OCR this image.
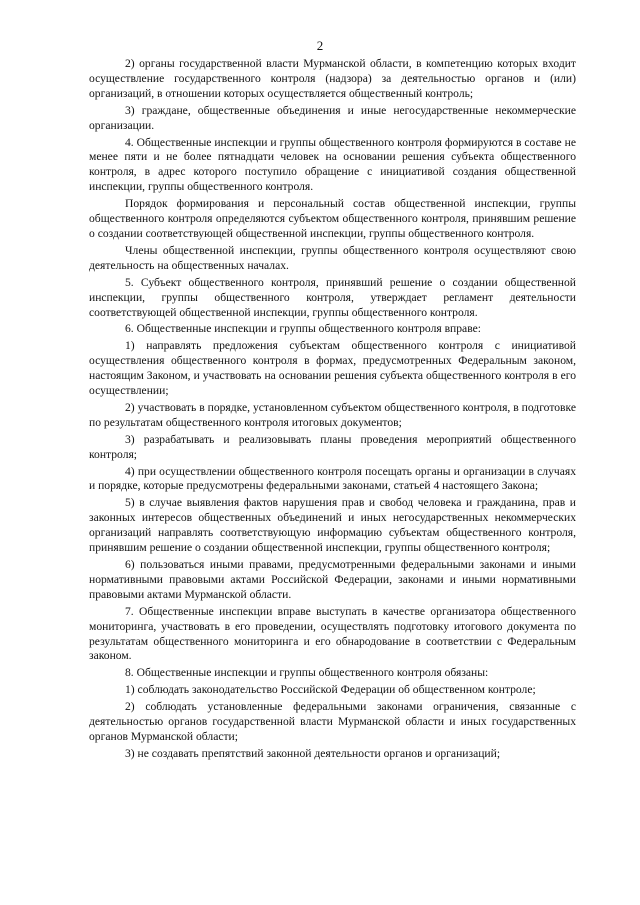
2

2) органы государственной власти Мурманской области, в компетенцию которых входит осуществление государственного контроля (надзора) за деятельностью органов и (или) организаций, в отношении которых осуществляется общественный контроль;

3) граждане, общественные объединения и иные негосударственные некоммерческие организации.

4. Общественные инспекции и группы общественного контроля формируются в составе не менее пяти и не более пятнадцати человек на основании решения субъекта общественного контроля, в адрес которого поступило обращение с инициативой создания общественной инспекции, группы общественного контроля.

Порядок формирования и персональный состав общественной инспекции, группы общественного контроля определяются субъектом общественного контроля, принявшим решение о создании соответствующей общественной инспекции, группы общественного контроля.

Члены общественной инспекции, группы общественного контроля осуществляют свою деятельность на общественных началах.

5. Субъект общественного контроля, принявший решение о создании общественной инспекции, группы общественного контроля, утверждает регламент деятельности соответствующей общественной инспекции, группы общественного контроля.

6. Общественные инспекции и группы общественного контроля вправе:

1) направлять предложения субъектам общественного контроля с инициативой осуществления общественного контроля в формах, предусмотренных Федеральным законом, настоящим Законом, и участвовать на основании решения субъекта общественного контроля в его осуществлении;

2) участвовать в порядке, установленном субъектом общественного контроля, в подготовке по результатам общественного контроля итоговых документов;

3) разрабатывать и реализовывать планы проведения мероприятий общественного контроля;

4) при осуществлении общественного контроля посещать органы и организации в случаях и порядке, которые предусмотрены федеральными законами, статьей 4 настоящего Закона;

5) в случае выявления фактов нарушения прав и свобод человека и гражданина, прав и законных интересов общественных объединений и иных негосударственных некоммерческих организаций направлять соответствующую информацию субъектам общественного контроля, принявшим решение о создании общественной инспекции, группы общественного контроля;

6) пользоваться иными правами, предусмотренными федеральными законами и иными нормативными правовыми актами Российской Федерации, законами и иными нормативными правовыми актами Мурманской области.

7. Общественные инспекции вправе выступать в качестве организатора общественного мониторинга, участвовать в его проведении, осуществлять подготовку итогового документа по результатам общественного мониторинга и его обнародование в соответствии с Федеральным законом.

8. Общественные инспекции и группы общественного контроля обязаны:

1) соблюдать законодательство Российской Федерации об общественном контроле;

2) соблюдать установленные федеральными законами ограничения, связанные с деятельностью органов государственной власти Мурманской области и иных государственных органов Мурманской области;

3) не создавать препятствий законной деятельности органов и организаций;
